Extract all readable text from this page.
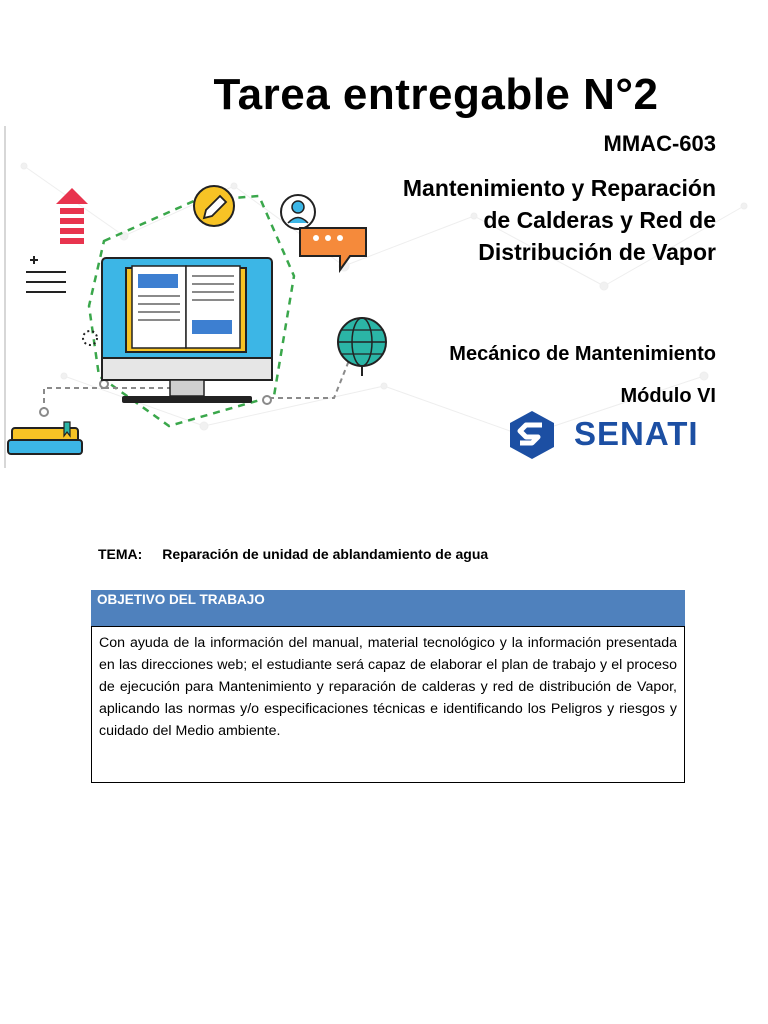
Tarea entregable N°2
MMAC-603
Mantenimiento y Reparación
de Calderas y Red de
Distribución de Vapor
Mecánico de Mantenimiento
Módulo VI
SENATI
TEMA: Reparación de unidad de ablandamiento de agua
OBJETIVO DEL TRABAJO
Con ayuda de la información del manual, material tecnológico y la información presentada en las direcciones web; el estudiante será capaz de elaborar el plan de trabajo y el proceso de ejecución para Mantenimiento y reparación de calderas y red de distribución de Vapor, aplicando las normas y/o especificaciones técnicas e identificando los Peligros y riesgos y cuidado del Medio ambiente.
